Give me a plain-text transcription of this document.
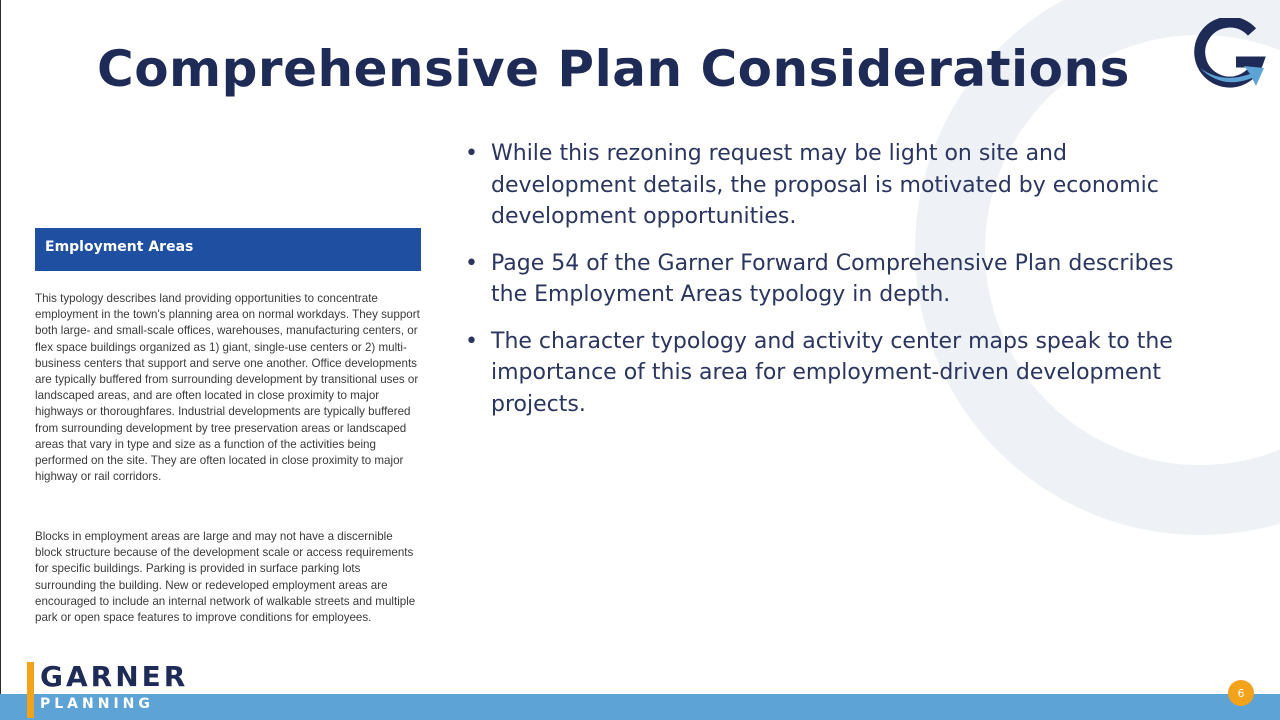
Comprehensive Plan Considerations
Employment Areas

This typology describes land providing opportunities to concentrate employment in the town's planning area on normal workdays. They support both large- and small-scale offices, warehouses, manufacturing centers, or flex space buildings organized as 1) giant, single-use centers or 2) multi-business centers that support and serve one another. Office developments are typically buffered from surrounding development by transitional uses or landscaped areas, and are often located in close proximity to major highways or thoroughfares. Industrial developments are typically buffered from surrounding development by tree preservation areas or landscaped areas that vary in type and size as a function of the activities being performed on the site. They are often located in close proximity to major highway or rail corridors.

Blocks in employment areas are large and may not have a discernible block structure because of the development scale or access requirements for specific buildings. Parking is provided in surface parking lots surrounding the building. New or redeveloped employment areas are encouraged to include an internal network of walkable streets and multiple park or open space features to improve conditions for employees.

• While this rezoning request may be light on site and development details, the proposal is motivated by economic development opportunities.
• Page 54 of the Garner Forward Comprehensive Plan describes the Employment Areas typology in depth.
• The character typology and activity center maps speak to the importance of this area for employment-driven development projects.
GARNER
PLANNING
6
